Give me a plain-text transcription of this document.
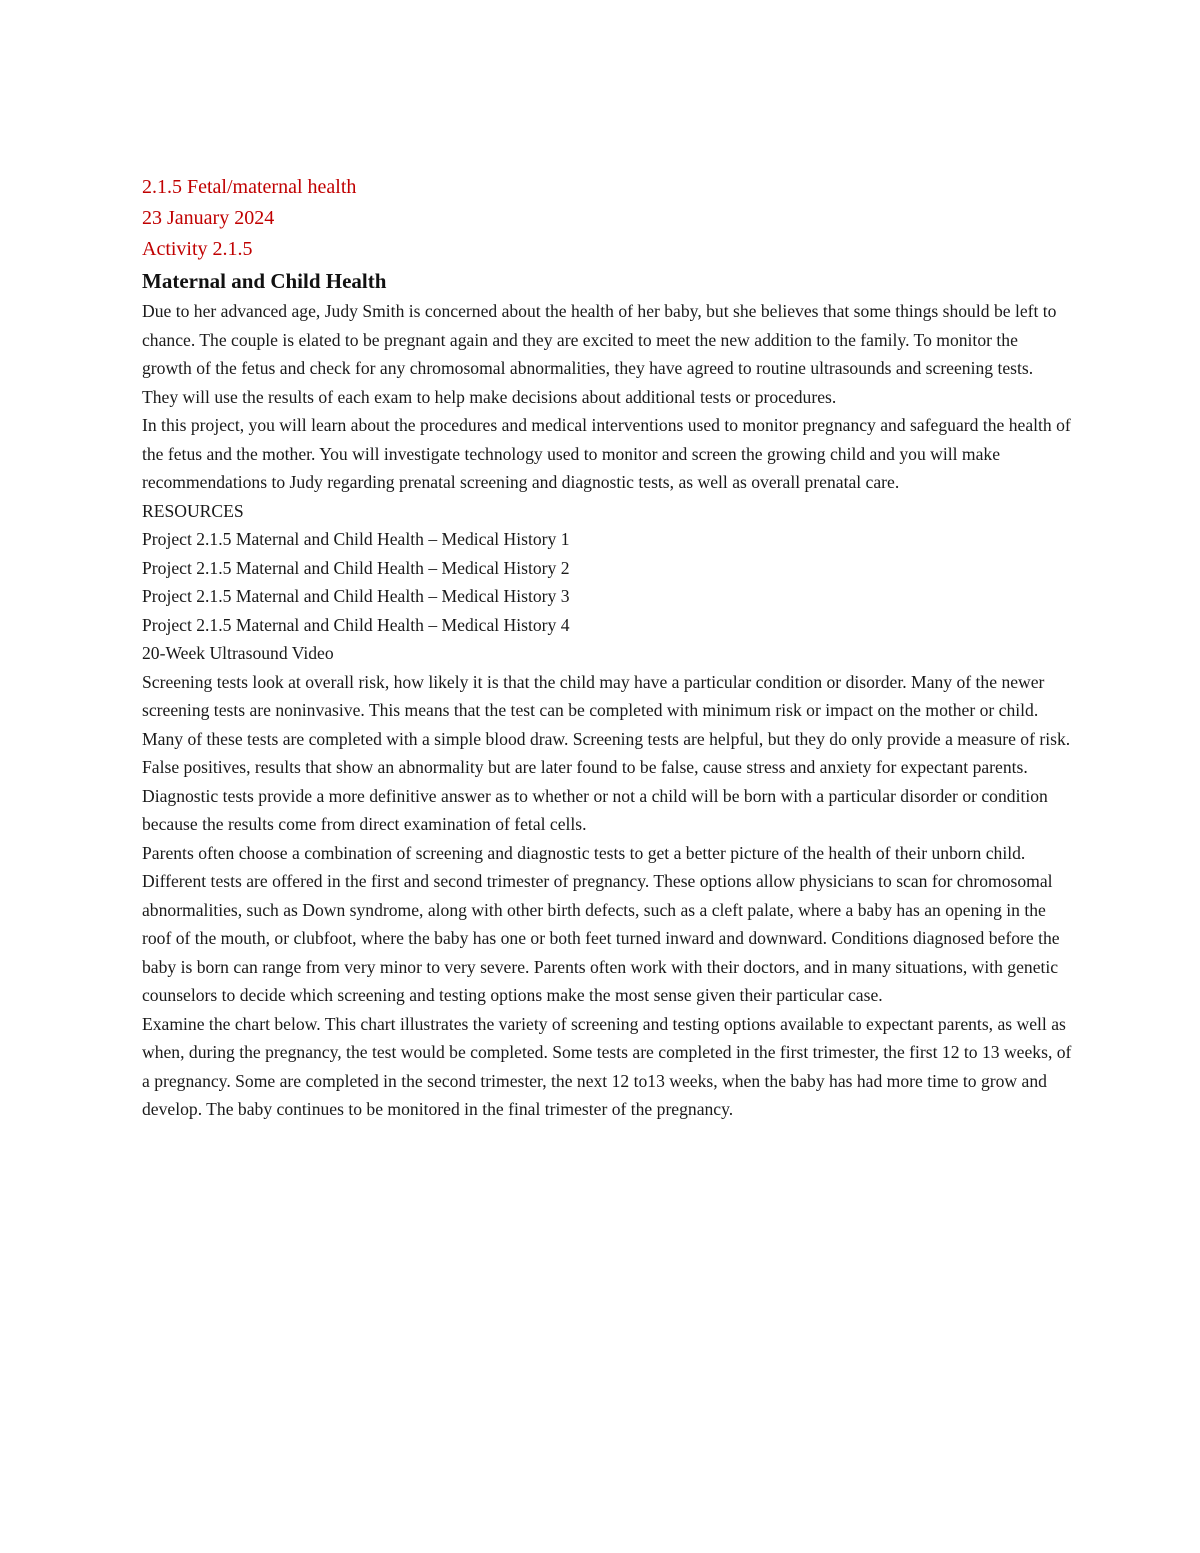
2.1.5 Fetal/maternal health
23 January 2024
Activity 2.1.5
Maternal and Child Health

Due to her advanced age, Judy Smith is concerned about the health of her baby, but she believes that some things should be left to chance. The couple is elated to be pregnant again and they are excited to meet the new addition to the family. To monitor the growth of the fetus and check for any chromosomal abnormalities, they have agreed to routine ultrasounds and screening tests. They will use the results of each exam to help make decisions about additional tests or procedures.

In this project, you will learn about the procedures and medical interventions used to monitor pregnancy and safeguard the health of the fetus and the mother. You will investigate technology used to monitor and screen the growing child and you will make recommendations to Judy regarding prenatal screening and diagnostic tests, as well as overall prenatal care.

RESOURCES

Project 2.1.5 Maternal and Child Health – Medical History 1

Project 2.1.5 Maternal and Child Health – Medical History 2

Project 2.1.5 Maternal and Child Health – Medical History 3

Project 2.1.5 Maternal and Child Health – Medical History 4

20-Week Ultrasound Video

Screening tests look at overall risk, how likely it is that the child may have a particular condition or disorder. Many of the newer screening tests are noninvasive. This means that the test can be completed with minimum risk or impact on the mother or child. Many of these tests are completed with a simple blood draw. Screening tests are helpful, but they do only provide a measure of risk. False positives, results that show an abnormality but are later found to be false, cause stress and anxiety for expectant parents.

Diagnostic tests provide a more definitive answer as to whether or not a child will be born with a particular disorder or condition because the results come from direct examination of fetal cells.

Parents often choose a combination of screening and diagnostic tests to get a better picture of the health of their unborn child. Different tests are offered in the first and second trimester of pregnancy. These options allow physicians to scan for chromosomal abnormalities, such as Down syndrome, along with other birth defects, such as a cleft palate, where a baby has an opening in the roof of the mouth, or clubfoot, where the baby has one or both feet turned inward and downward. Conditions diagnosed before the baby is born can range from very minor to very severe. Parents often work with their doctors, and in many situations, with genetic counselors to decide which screening and testing options make the most sense given their particular case.

Examine the chart below. This chart illustrates the variety of screening and testing options available to expectant parents, as well as when, during the pregnancy, the test would be completed. Some tests are completed in the first trimester, the first 12 to 13 weeks, of a pregnancy. Some are completed in the second trimester, the next 12 to13 weeks, when the baby has had more time to grow and develop. The baby continues to be monitored in the final trimester of the pregnancy.
